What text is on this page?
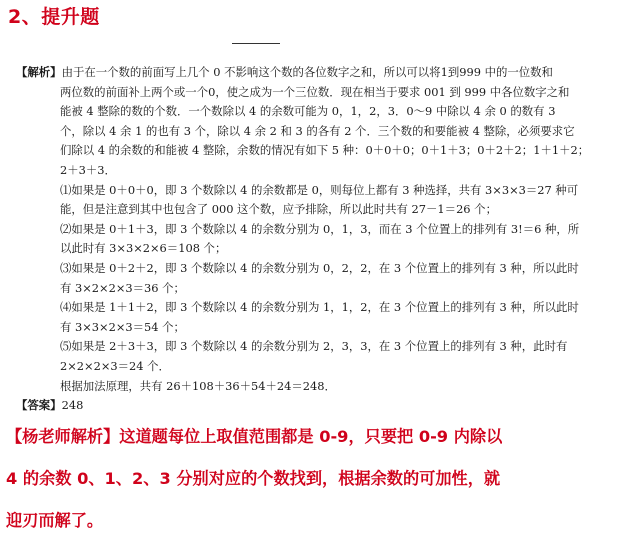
2、提升题
【解析】由于在一个数的前面写上几个 0 不影响这个数的各位数字之和，所以可以将1到999 中的一位数和
两位数的前面补上两个或一个0，使之成为一个三位数．现在相当于要求 001 到 999 中各位数字之和
能被 4 整除的数的个数．一个数除以 4 的余数可能为 0，1，2，3．0～9 中除以 4 余 0 的数有 3
个，除以 4 余 1 的也有 3 个，除以 4 余 2 和 3 的各有 2 个．三个数的和要能被 4 整除，必须要求它
们除以 4 的余数的和能被 4 整除，余数的情况有如下 5 种：0＋0＋0；0＋1＋3；0＋2＋2；1＋1＋2；
2＋3＋3．
⑴如果是 0＋0＋0，即 3 个数除以 4 的余数都是 0，则每位上都有 3 种选择，共有 3×3×3＝27 种可
能，但是注意到其中也包含了 000 这个数，应予排除，所以此时共有 27－1＝26 个；
⑵如果是 0＋1＋3，即 3 个数除以 4 的余数分别为 0，1，3，而在 3 个位置上的排列有 3!＝6 种，所
以此时有 3×3×2×6＝108 个；
⑶如果是 0＋2＋2，即 3 个数除以 4 的余数分别为 0，2，2，在 3 个位置上的排列有 3 种，所以此时
有 3×2×2×3＝36 个；
⑷如果是 1＋1＋2，即 3 个数除以 4 的余数分别为 1，1，2，在 3 个位置上的排列有 3 种，所以此时
有 3×3×2×3＝54 个；
⑸如果是 2＋3＋3，即 3 个数除以 4 的余数分别为 2，3，3，在 3 个位置上的排列有 3 种，此时有
2×2×2×3＝24 个．
根据加法原理，共有 26＋108＋36＋54＋24＝248．
【答案】248
【杨老师解析】这道题每位上取值范围都是 0-9，只要把 0-9 内除以
4 的余数 0、1、2、3 分别对应的个数找到，根据余数的可加性，就
迎刃而解了。
